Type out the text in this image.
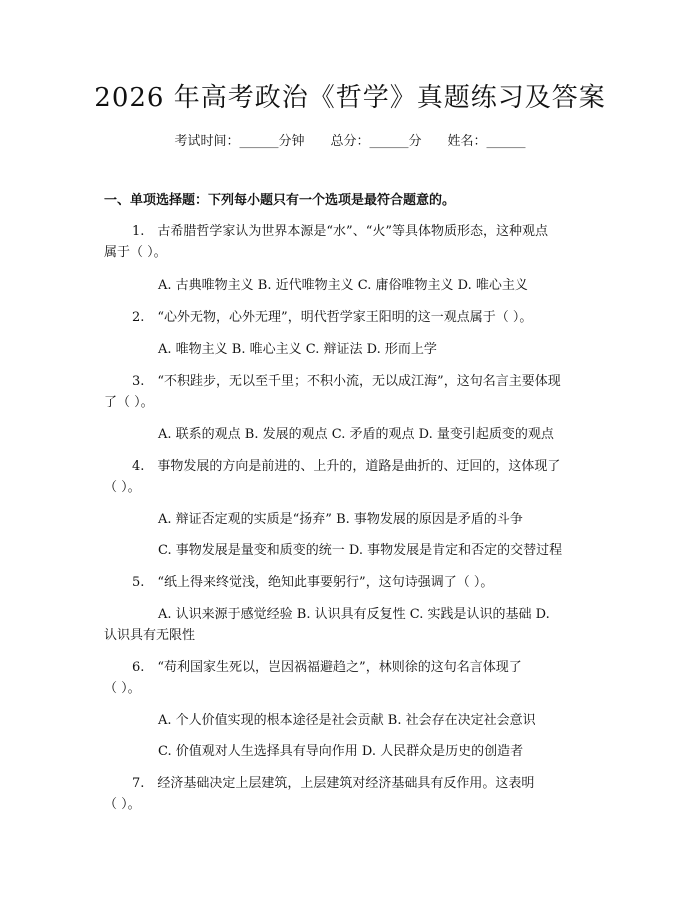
2026 年高考政治《哲学》真题练习及答案
考试时间：______分钟 总分：______分 姓名：______
一、单项选择题：下列每小题只有一个选项是最符合题意的。
1.　古希腊哲学家认为世界本源是“水”、“火”等具体物质形态，这种观点
属于（ ）。
A. 古典唯物主义 B. 近代唯物主义 C. 庸俗唯物主义 D. 唯心主义
2.　“心外无物，心外无理”，明代哲学家王阳明的这一观点属于（ ）。
A. 唯物主义 B. 唯心主义 C. 辩证法 D. 形而上学
3.　“不积跬步，无以至千里；不积小流，无以成江海”，这句名言主要体现
了（ ）。
A. 联系的观点 B. 发展的观点 C. 矛盾的观点 D. 量变引起质变的观点
4.　事物发展的方向是前进的、上升的，道路是曲折的、迂回的，这体现了
（ ）。
A. 辩证否定观的实质是“扬弃” B. 事物发展的原因是矛盾的斗争
C. 事物发展是量变和质变的统一 D. 事物发展是肯定和否定的交替过程
5.　“纸上得来终觉浅，绝知此事要躬行”，这句诗强调了（ ）。
A. 认识来源于感觉经验 B. 认识具有反复性 C. 实践是认识的基础 D.
认识具有无限性
6.　“苟利国家生死以，岂因祸福避趋之”，林则徐的这句名言体现了
（ ）。
A. 个人价值实现的根本途径是社会贡献 B. 社会存在决定社会意识
C. 价值观对人生选择具有导向作用 D. 人民群众是历史的创造者
7.　经济基础决定上层建筑，上层建筑对经济基础具有反作用。这表明
（ ）。
